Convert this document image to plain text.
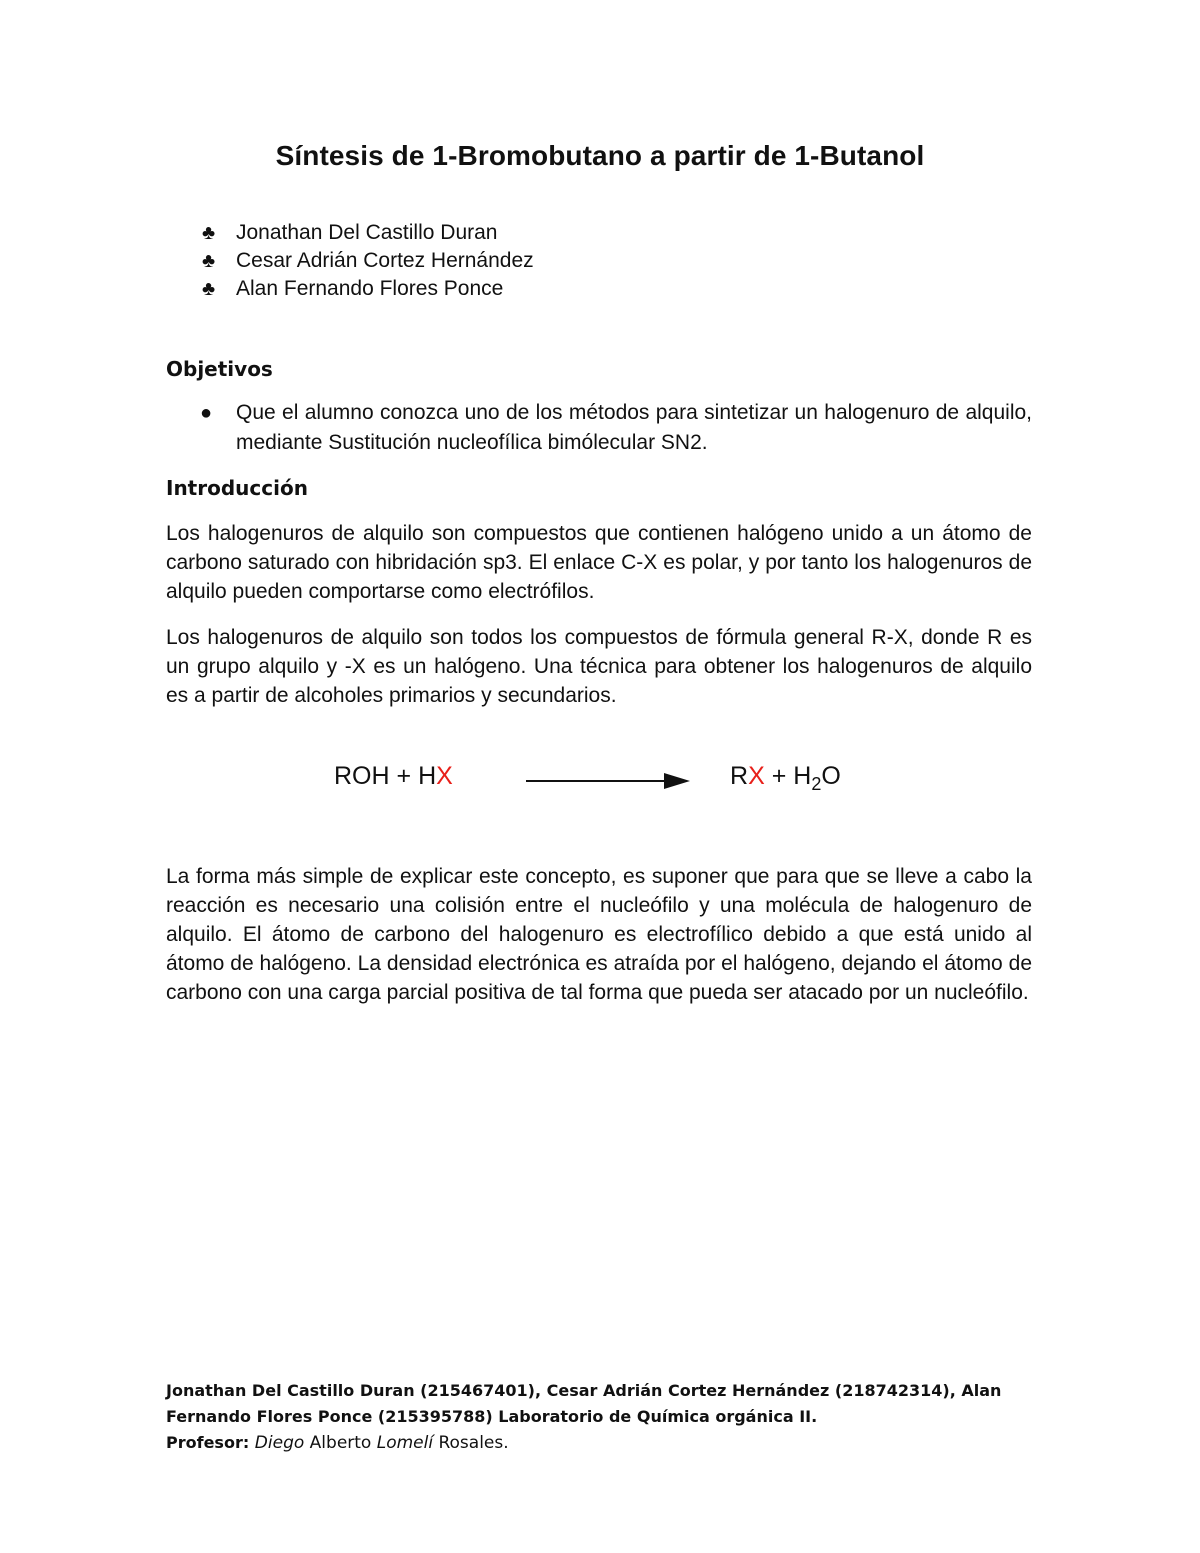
Síntesis de 1-Bromobutano a partir de 1-Butanol
♣ Jonathan Del Castillo Duran
♣ Cesar Adrián Cortez Hernández
♣ Alan Fernando Flores Ponce
Objetivos
● Que el alumno conozca uno de los métodos para sintetizar un halogenuro de alquilo, mediante Sustitución nucleofílica bimólecular SN2.
Introducción

Los halogenuros de alquilo son compuestos que contienen halógeno unido a un átomo de carbono saturado con hibridación sp3. El enlace C-X es polar, y por tanto los halogenuros de alquilo pueden comportarse como electrófilos.

Los halogenuros de alquilo son todos los compuestos de fórmula general R-X, donde R es un grupo alquilo y -X es un halógeno. Una técnica para obtener los halogenuros de alquilo es a partir de alcoholes primarios y secundarios.

ROH + HX	RX + $H_2O$

La forma más simple de explicar este concepto, es suponer que para que se lleve a cabo la reacción es necesario una colisión entre el nucleófilo y una molécula de halogenuro de alquilo. El átomo de carbono del halogenuro es electrofílico debido a que está unido al átomo de halógeno. La densidad electrónica es atraída por el halógeno, dejando el átomo de carbono con una carga parcial positiva de tal forma que pueda ser atacado por un nucleófilo.

Jonathan Del Castillo Duran (215467401), Cesar Adrián Cortez Hernández (218742314), Alan
Fernando Flores Ponce (215395788) Laboratorio de Química orgánica II.
Profesor: Diego Alberto Lomelí Rosales.
